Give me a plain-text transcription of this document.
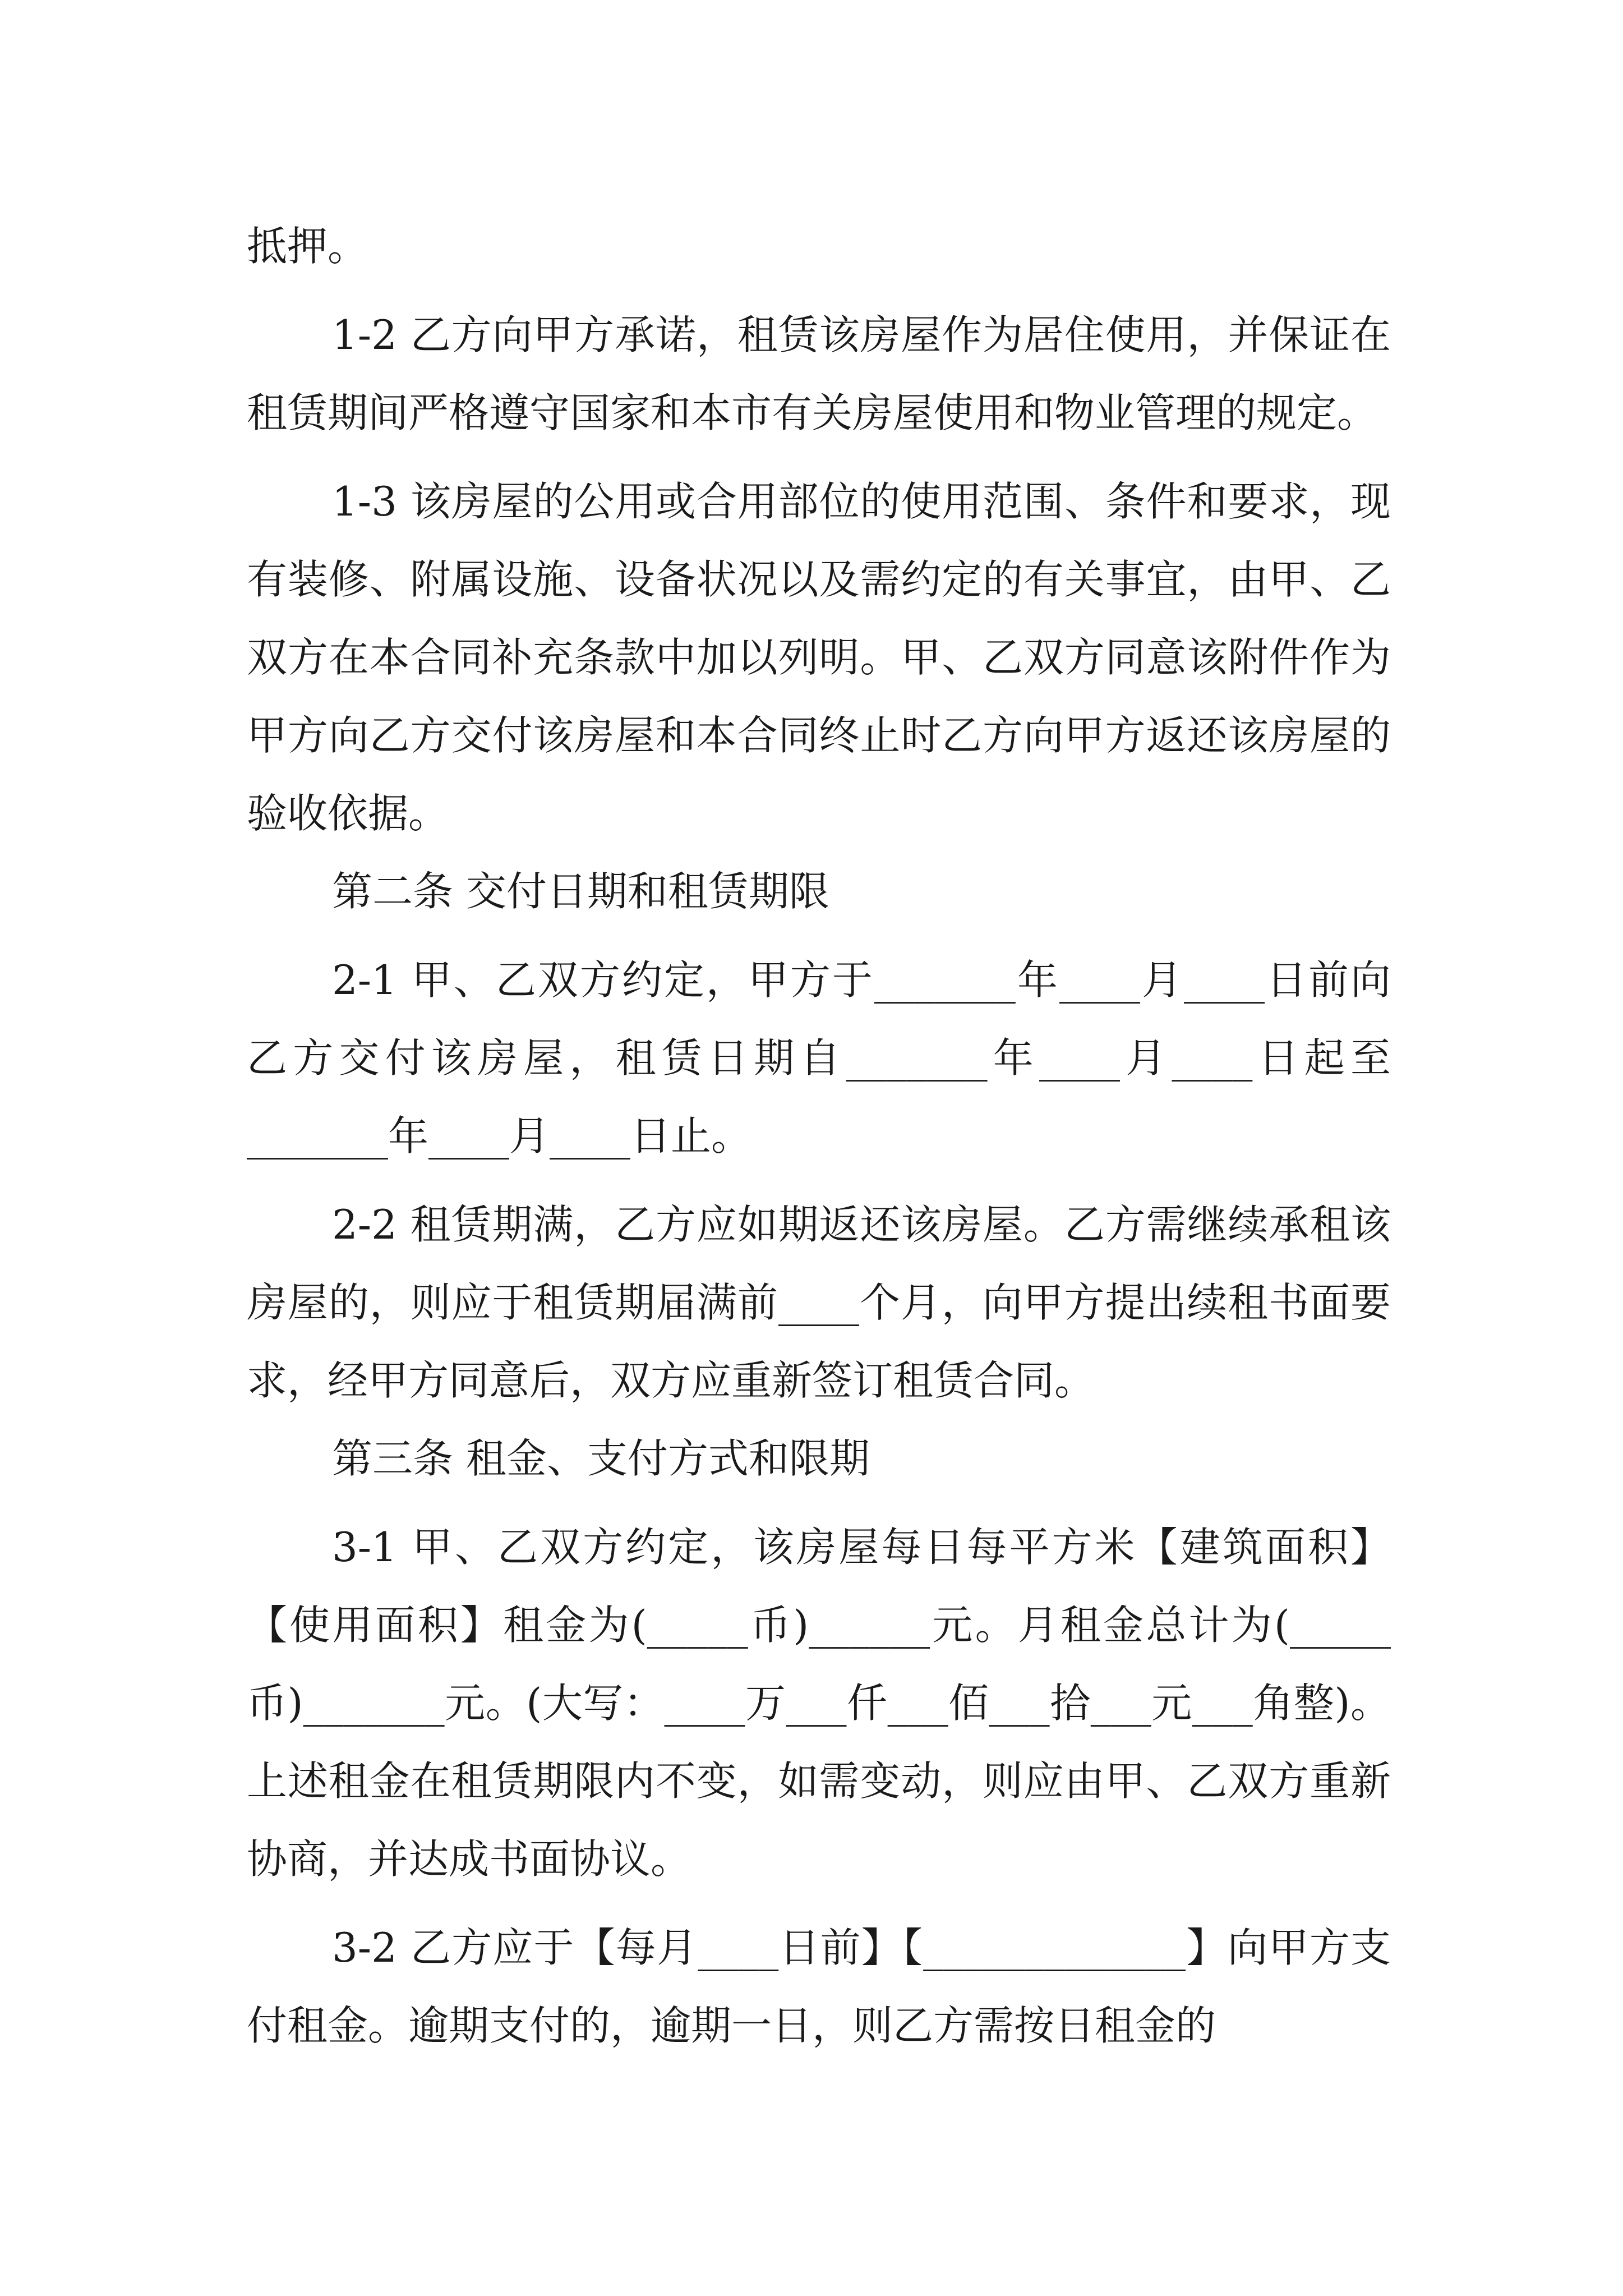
抵押。

1-2 乙方向甲方承诺，租赁该房屋作为居住使用，并保证在租赁期间严格遵守国家和本市有关房屋使用和物业管理的规定。

1-3 该房屋的公用或合用部位的使用范围、条件和要求，现有装修、附属设施、设备状况以及需约定的有关事宜，由甲、乙双方在本合同补充条款中加以列明。甲、乙双方同意该附件作为甲方向乙方交付该房屋和本合同终止时乙方向甲方返还该房屋的验收依据。

第二条 交付日期和租赁期限

2-1 甲、乙双方约定，甲方于_______年____月____日前向乙方交付该房屋，租赁日期自_______年____月____日起至_______年____月____日止。

2-2 租赁期满，乙方应如期返还该房屋。乙方需继续承租该房屋的，则应于租赁期届满前____个月，向甲方提出续租书面要求，经甲方同意后，双方应重新签订租赁合同。

第三条 租金、支付方式和限期

3-1 甲、乙双方约定，该房屋每日每平方米【建筑面积】【使用面积】租金为(_____币)______元。月租金总计为(_____币)_______元。(大写：____万___仟___佰___拾___元___角整)。上述租金在租赁期限内不变，如需变动，则应由甲、乙双方重新协商，并达成书面协议。

3-2 乙方应于【每月____日前】【_____________】向甲方支付租金。逾期支付的，逾期一日，则乙方需按日租金的
